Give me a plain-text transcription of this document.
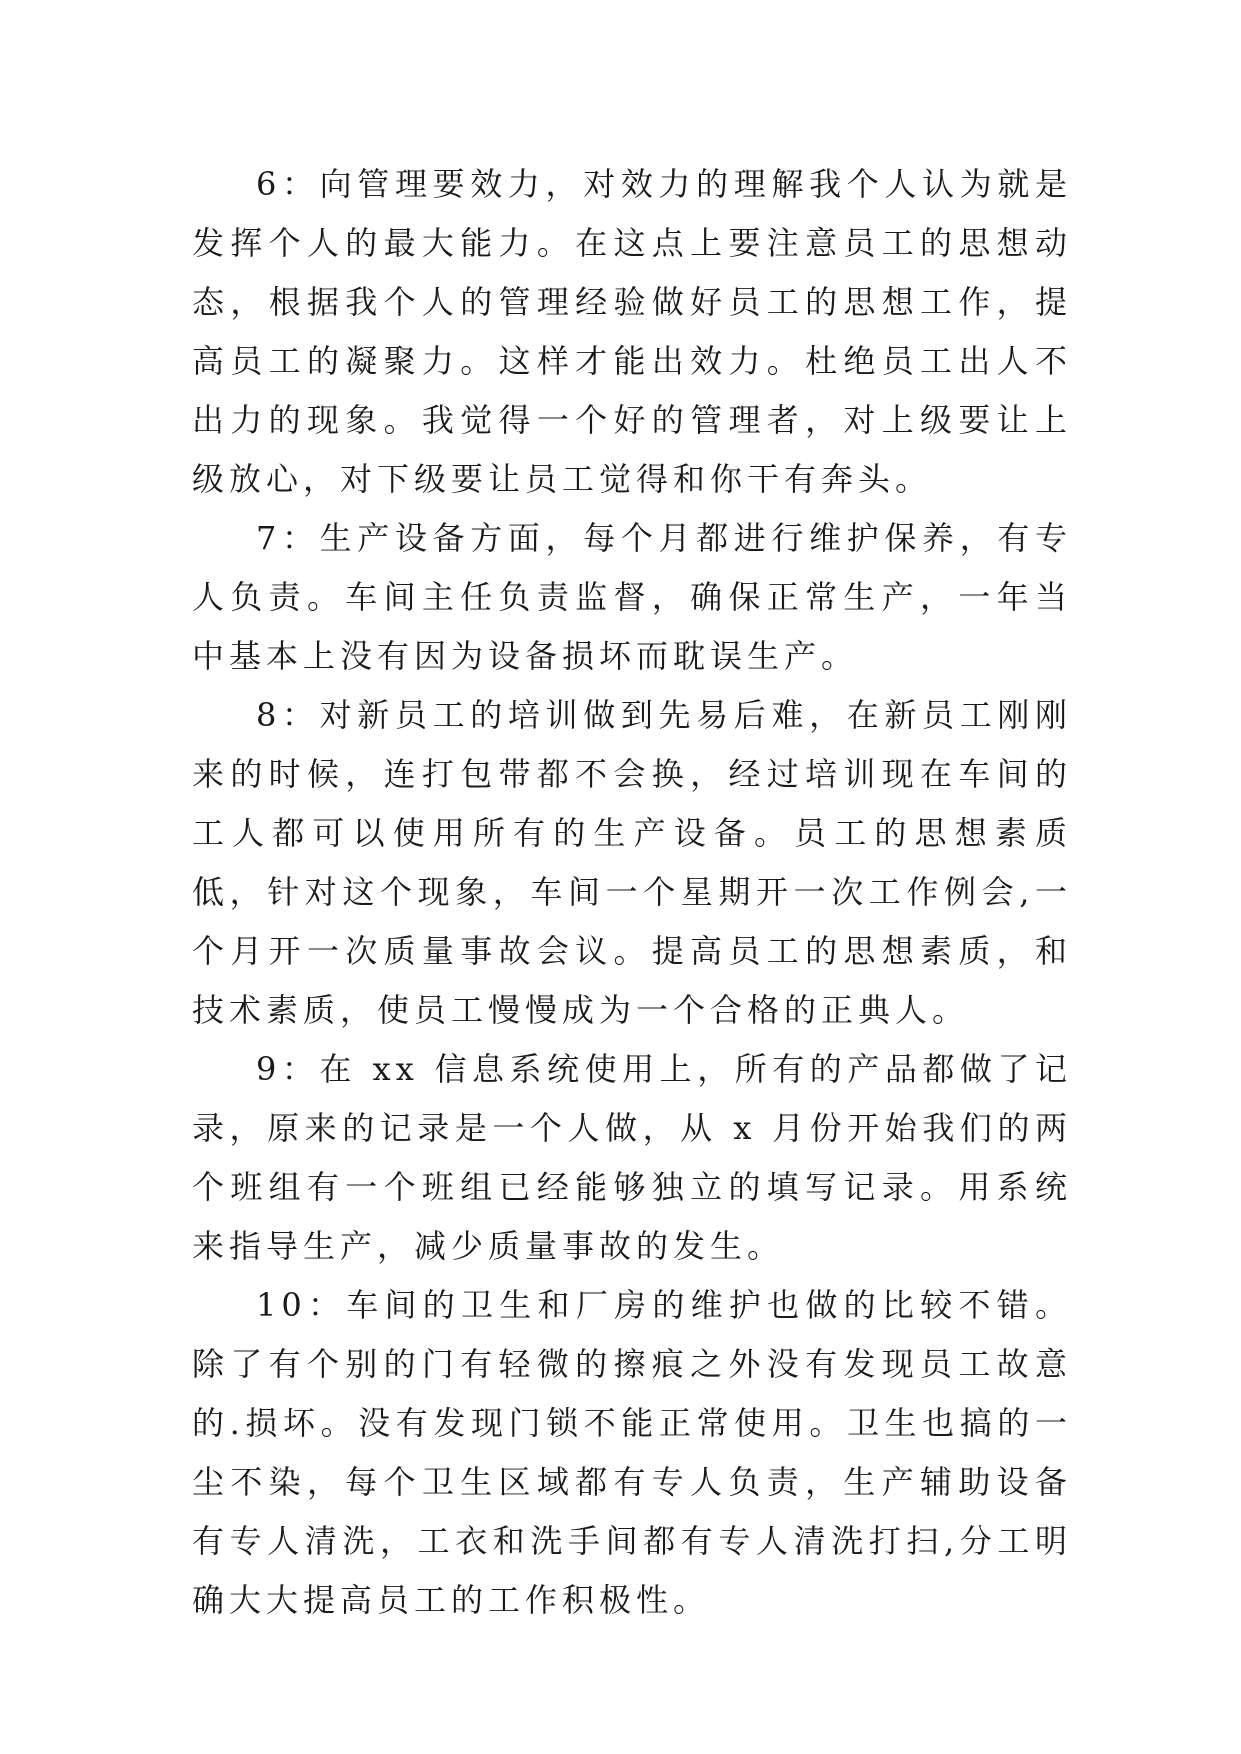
6：向管理要效力，对效力的理解我个人认为就是发挥个人的最大能力。在这点上要注意员工的思想动态，根据我个人的管理经验做好员工的思想工作，提高员工的凝聚力。这样才能出效力。杜绝员工出人不出力的现象。我觉得一个好的管理者，对上级要让上级放心，对下级要让员工觉得和你干有奔头。

7：生产设备方面，每个月都进行维护保养，有专人负责。车间主任负责监督，确保正常生产，一年当中基本上没有因为设备损坏而耽误生产。

8：对新员工的培训做到先易后难，在新员工刚刚来的时候，连打包带都不会换，经过培训现在车间的工人都可以使用所有的生产设备。员工的思想素质低，针对这个现象，车间一个星期开一次工作例会,一个月开一次质量事故会议。提高员工的思想素质，和技术素质，使员工慢慢成为一个合格的正典人。

9：在 xx 信息系统使用上，所有的产品都做了记录，原来的记录是一个人做，从 x 月份开始我们的两个班组有一个班组已经能够独立的填写记录。用系统来指导生产，减少质量事故的发生。

10：车间的卫生和厂房的维护也做的比较不错。除了有个别的门有轻微的擦痕之外没有发现员工故意的.损坏。没有发现门锁不能正常使用。卫生也搞的一尘不染，每个卫生区域都有专人负责，生产辅助设备有专人清洗，工衣和洗手间都有专人清洗打扫,分工明确大大提高员工的工作积极性。
